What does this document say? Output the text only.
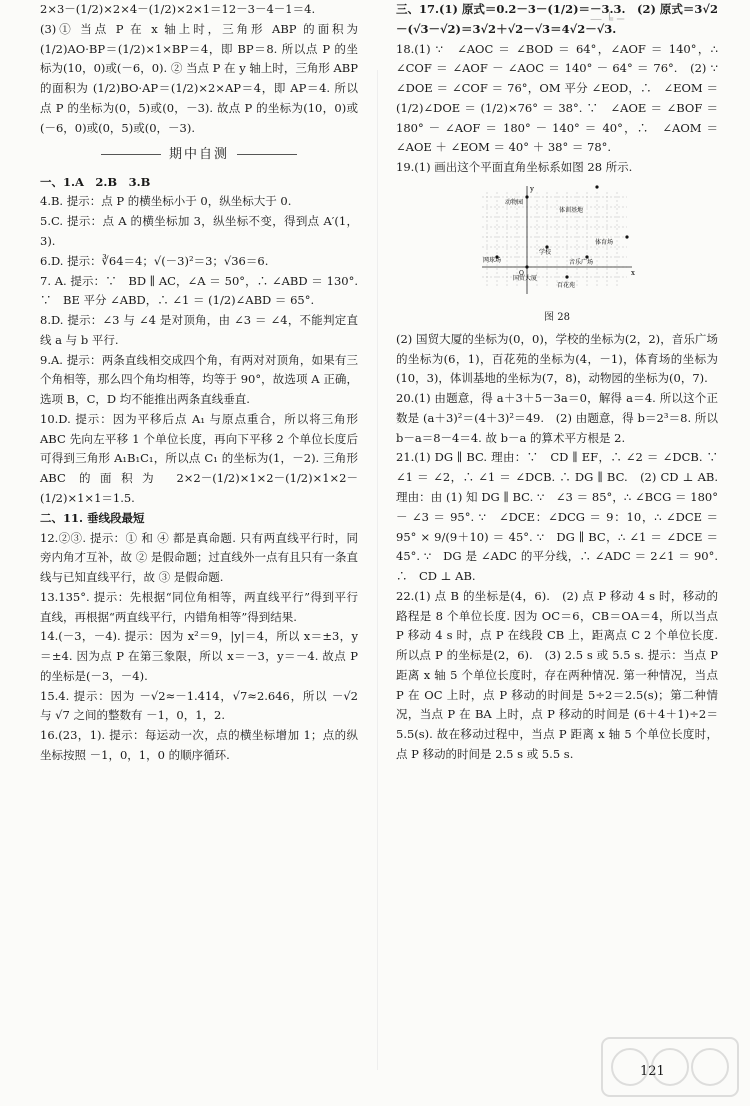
— ╘ ─

2×3－(1/2)×2×4－(1/2)×2×1＝12－3－4－1＝4.

(3)① 当点 P 在 x 轴上时，三角形 ABP 的面积为 (1/2)AO·BP＝(1/2)×1×BP＝4，即 BP＝8. 所以点 P 的坐标为(10，0)或(－6，0). ② 当点 P 在 y 轴上时，三角形 ABP 的面积为 (1/2)BO·AP＝(1/2)×2×AP＝4，即 AP＝4. 所以点 P 的坐标为(0，5)或(0，－3). 故点 P 的坐标为(10，0)或(－6，0)或(0，5)或(0，－3).

期中自测

一、1.A　2.B　3.B

4.B. 提示：点 P 的横坐标小于 0，纵坐标大于 0.

5.C. 提示：点 A 的横坐标加 3，纵坐标不变，得到点 A′(1，3).

6.D. 提示：∛64＝4；√(－3)²＝3；√36＝6.

7. A. 提示：∵　BD ∥ AC，∠A ＝ 50°，∴ ∠ABD ＝ 130°. ∵　BE 平分 ∠ABD，∴ ∠1 ＝ (1/2)∠ABD ＝ 65°.

8.D. 提示：∠3 与 ∠4 是对顶角，由 ∠3 ＝ ∠4，不能判定直线 a 与 b 平行.

9.A. 提示：两条直线相交成四个角，有两对对顶角，如果有三个角相等，那么四个角均相等，均等于 90°，故选项 A 正确，选项 B，C，D 均不能推出两条直线垂直.

10.D. 提示：因为平移后点 A₁ 与原点重合，所以将三角形 ABC 先向左平移 1 个单位长度，再向下平移 2 个单位长度后可得到三角形 A₁B₁C₁，所以点 C₁ 的坐标为(1，－2). 三角形 ABC 的面积为 2×2－(1/2)×1×2－(1/2)×1×2－(1/2)×1×1＝1.5.

二、11. 垂线段最短

12.②③. 提示：① 和 ④ 都是真命题. 只有两直线平行时，同旁内角才互补，故 ② 是假命题；过直线外一点有且只有一条直线与已知直线平行，故 ③ 是假命题.

13.135°. 提示：先根据“同位角相等，两直线平行”得到平行直线，再根据“两直线平行，内错角相等”得到结果.

14.(－3，－4). 提示：因为 x²＝9，|y|＝4，所以 x＝±3，y＝±4. 因为点 P 在第三象限，所以 x＝－3，y＝－4. 故点 P 的坐标是(－3，－4).

15.4. 提示：因为 －√2≈－1.414，√7≈2.646，所以 －√2 与 √7 之间的整数有 －1，0，1，2.

16.(23，1). 提示：每运动一次，点的横坐标增加 1；点的纵坐标按照 －1，0，1，0 的顺序循环.

三、17.(1) 原式＝0.2－3－(1/2)＝－3.3.　(2) 原式＝3√2－(√3－√2)＝3√2＋√2－√3＝4√2－√3.

18.(1) ∵　∠AOC ＝ ∠BOD ＝ 64°，∠AOF ＝ 140°，∴ ∠COF ＝ ∠AOF － ∠AOC ＝ 140° － 64° ＝ 76°.　(2) ∵　∠DOE ＝ ∠COF ＝ 76°，OM 平分 ∠EOD，∴　∠EOM ＝ (1/2)∠DOE ＝ (1/2)×76° ＝ 38°. ∵　∠AOE ＝ ∠BOF ＝ 180° － ∠AOF ＝ 180° － 140° ＝ 40°，∴　∠AOM ＝ ∠AOE ＋ ∠EOM ＝ 40° ＋ 38° ＝ 78°.

19.(1) 画出这个平面直角坐标系如图 28 所示.

x
y
O
动物园
体训基地
体育场
网球场
学校
音乐广场
国贸大厦
百花苑
图 28

(2) 国贸大厦的坐标为(0，0)，学校的坐标为(2，2)，音乐广场的坐标为(6，1)，百花苑的坐标为(4，－1)，体育场的坐标为(10，3)，体训基地的坐标为(7，8)，动物园的坐标为(0，7).

20.(1) 由题意，得 a＋3＋5－3a＝0，解得 a＝4. 所以这个正数是 (a＋3)²＝(4＋3)²＝49.　(2) 由题意，得 b＝2³＝8. 所以 b－a＝8－4＝4. 故 b－a 的算术平方根是 2.

21.(1) DG ∥ BC. 理由：∵　CD ∥ EF，∴ ∠2 ＝ ∠DCB. ∵　∠1 ＝ ∠2，∴ ∠1 ＝ ∠DCB. ∴ DG ∥ BC.　(2) CD ⊥ AB. 理由：由 (1) 知 DG ∥ BC. ∵　∠3 ＝ 85°，∴ ∠BCG ＝ 180° － ∠3 ＝ 95°. ∵　∠DCE：∠DCG ＝ 9：10，∴ ∠DCE ＝ 95° × 9/(9＋10) ＝ 45°. ∵　DG ∥ BC，∴ ∠1 ＝ ∠DCE ＝ 45°. ∵　DG 是 ∠ADC 的平分线，∴ ∠ADC ＝ 2∠1 ＝ 90°. ∴　CD ⊥ AB.

22.(1) 点 B 的坐标是(4，6).　(2) 点 P 移动 4 s 时，移动的路程是 8 个单位长度. 因为 OC＝6，CB＝OA＝4，所以当点 P 移动 4 s 时，点 P 在线段 CB 上，距离点 C 2 个单位长度. 所以点 P 的坐标是(2，6).　(3) 2.5 s 或 5.5 s. 提示：当点 P 距离 x 轴 5 个单位长度时，存在两种情况. 第一种情况，当点 P 在 OC 上时，点 P 移动的时间是 5÷2＝2.5(s)；第二种情况，当点 P 在 BA 上时，点 P 移动的时间是 (6＋4＋1)÷2＝5.5(s). 故在移动过程中，当点 P 距离 x 轴 5 个单位长度时，点 P 移动的时间是 2.5 s 或 5.5 s.

121
